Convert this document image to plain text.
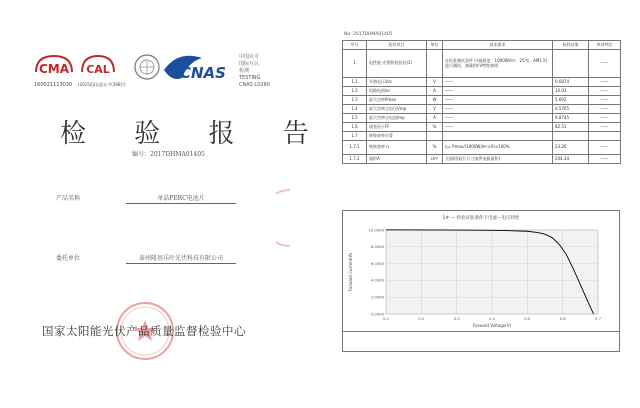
CMA
160021113030
CAL
(2015)国认监认字(398)号
CNAS
中国认可
国际互认
检测
TESTING
CNAS L0260
检 验 报 告
编号：2017DHMA01405
产品名称	单晶PERC电池片
委托单位	泰州隆基乐叶光伏科技有限公司
国家太阳能光伏产品质量监督检验中心
No: 2017DHMA01405
序号	检验项目	单位	技术要求	检验结果	单项判定
1	电性能-光照阶段检验(1)		在标准测试条件下(辐照度：1000W/m²，25℃，AM1.5)进行测试，测量的I-V特性曲线		——
1.1	开路电压Voc	V	——	0.6874	——
1.2	短路电流Isc	A	——	10.03	——
1.3	最大功率Pmax	W	——	5.692	——
1.4	最大功率点电压Vmp	V	——	0.5765	——
1.5	最大功率点电流Imp	A	——	9.8745	——
1.6	填充因子FF	%	——	82.51	——
1.7	转换效率计算				
1.7.1	转换效率 η	%	η= Pmax/(1000W/m²×A)×100%	23.26	——
1.7.2	面积A	cm²	全面积(硅片尺寸加背电极面积)	244.34	——
1# — 检验试验条件下电流—电压特性
0.1	0.2	0.3	0.4	0.5	0.6	0.7
0.0000
2.0000
4.0000
6.0000
8.0000
10.0000
Forward Voltage(V)
Forward Current(A)
